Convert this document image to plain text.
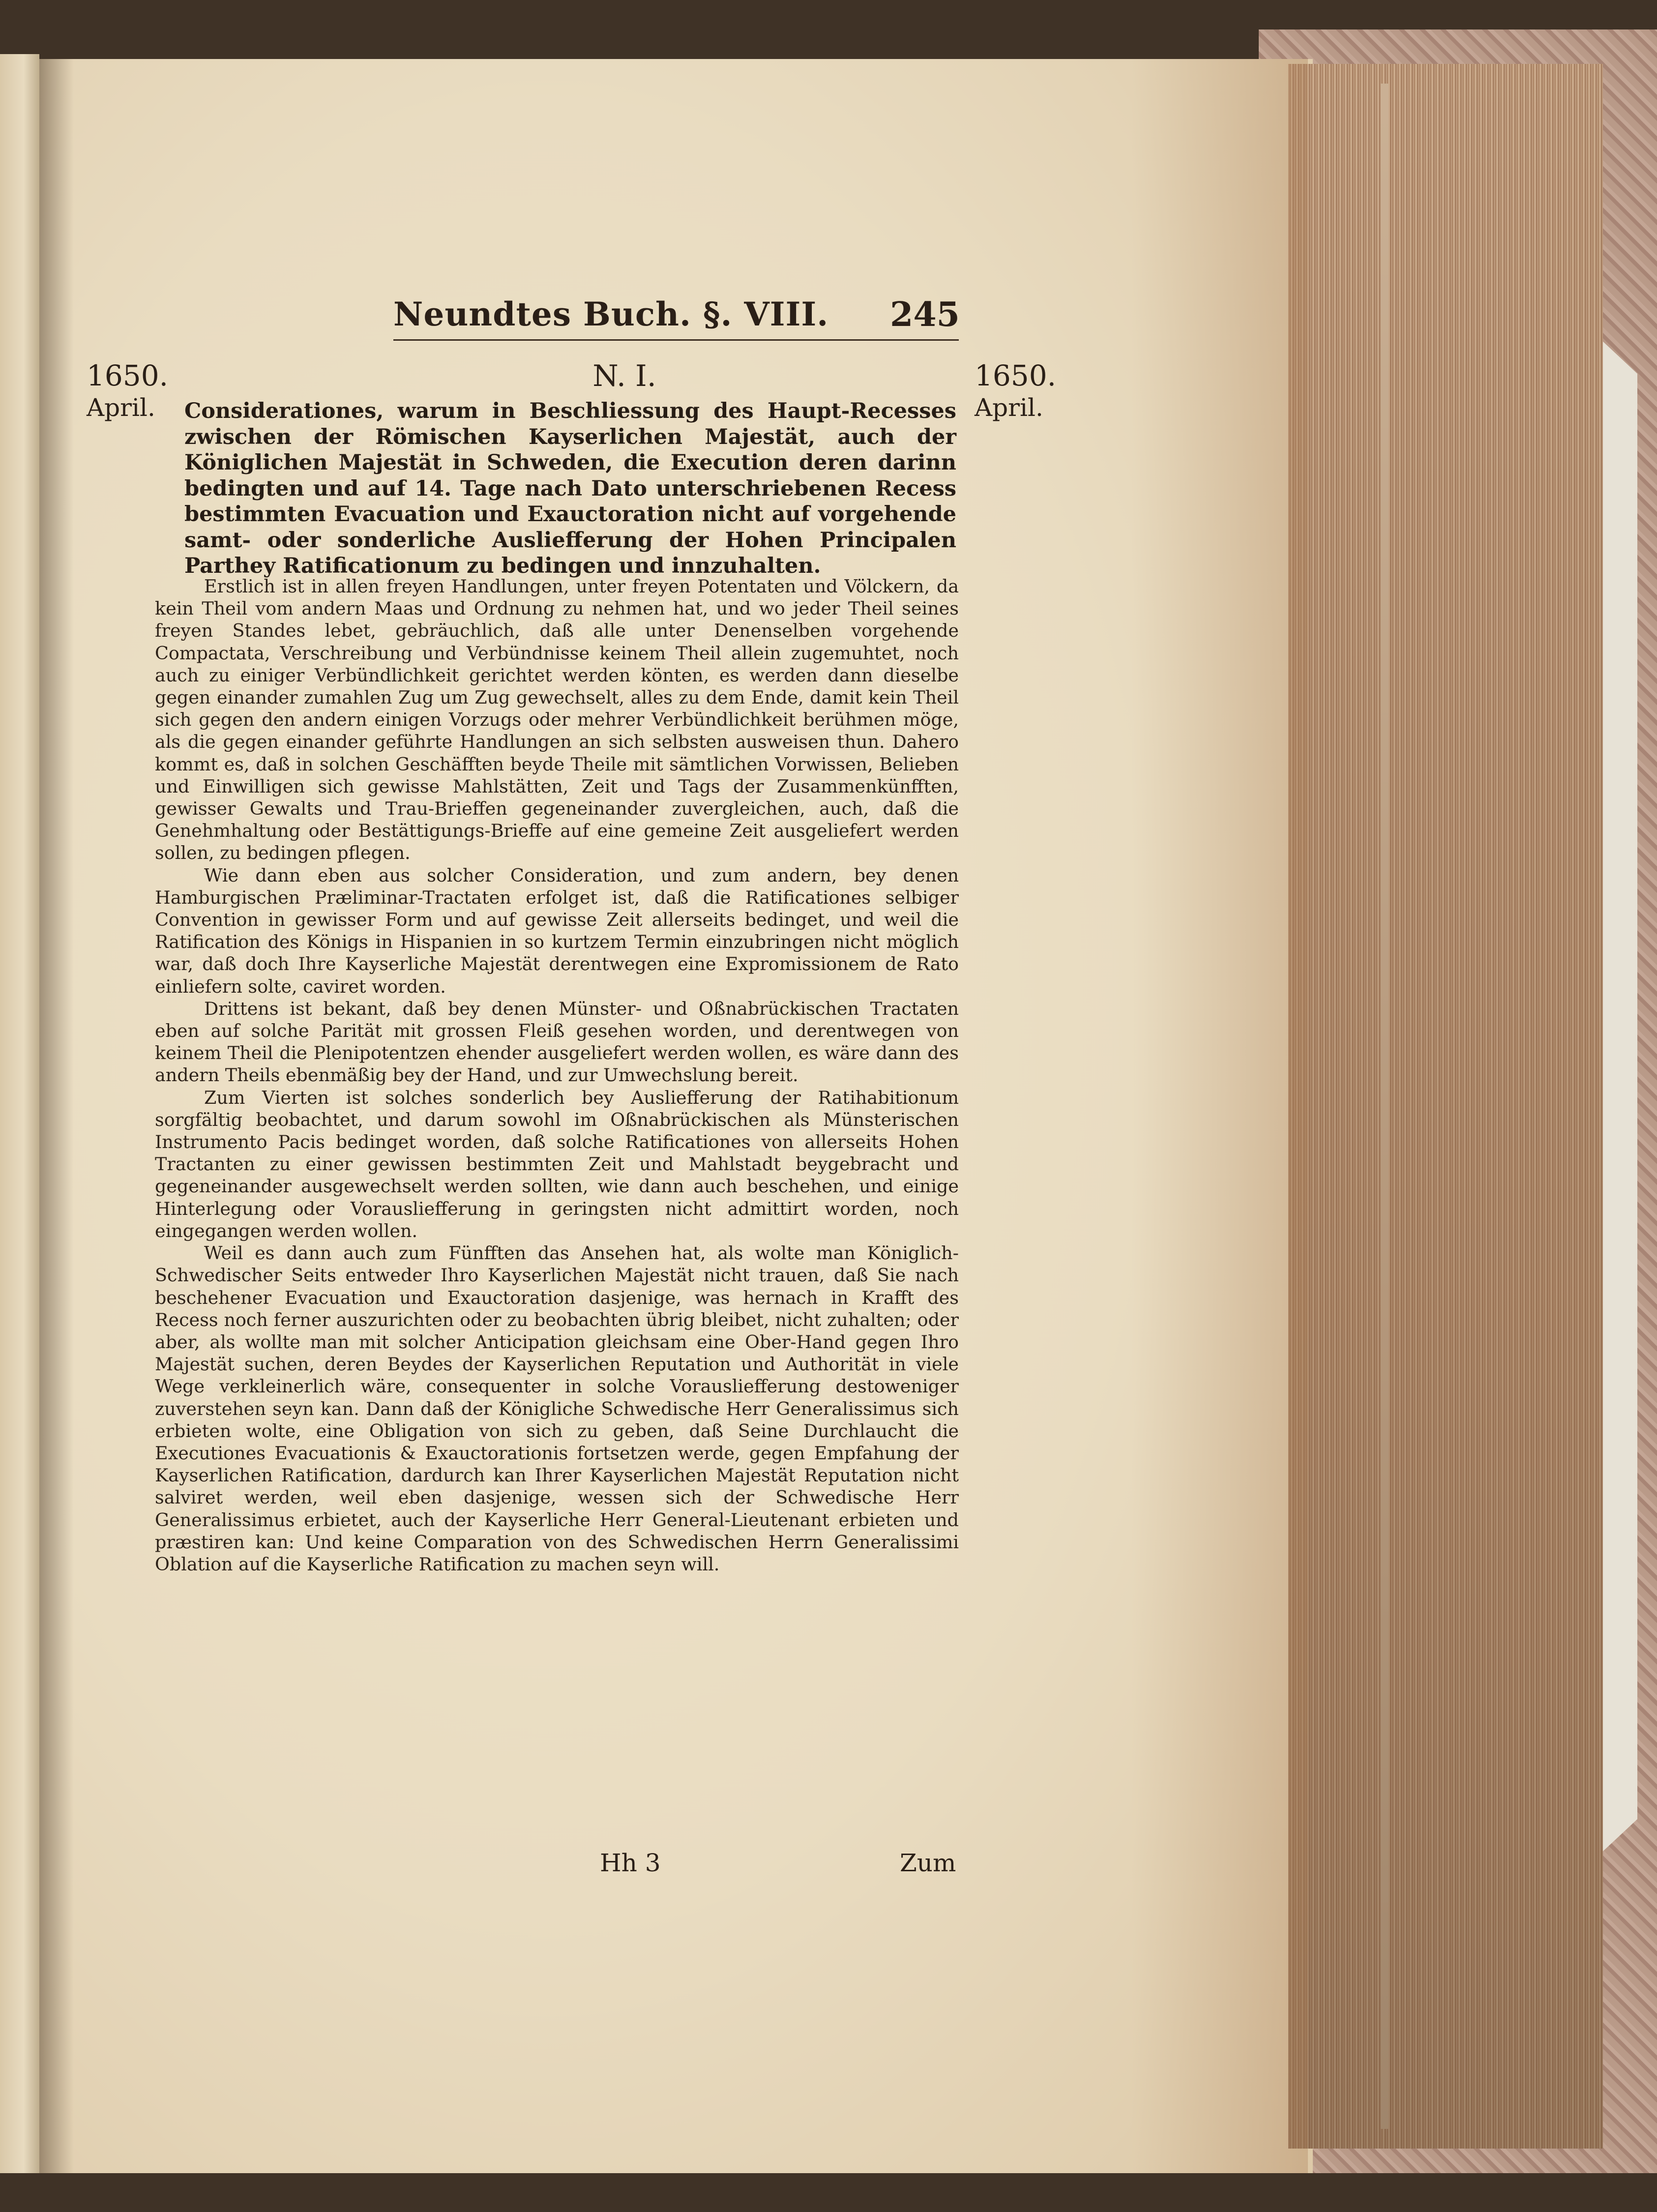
Neundtes Buch. §. VIII. 245
1650.
April.
1650.
April.
N. I.
Considerationes, warum in Beschliessung des Haupt-Recesses zwischen der Römischen Kayserlichen Majestät, auch der Königlichen Majestät in Schweden, die Execution deren darinn bedingten und auf 14. Tage nach Dato unterschriebenen Recess bestimmten Evacuation und Exauctoration nicht auf vorgehende samt- oder sonderliche Ausliefferung der Hohen Principalen Parthey Ratificationum zu bedingen und innzuhalten.

Erstlich ist in allen freyen Handlungen, unter freyen Potentaten und Völckern, da kein Theil vom andern Maas und Ordnung zu nehmen hat, und wo jeder Theil seines freyen Standes lebet, gebräuchlich, daß alle unter Denenselben vorgehende Compactata, Verschreibung und Verbündnisse keinem Theil allein zugemuhtet, noch auch zu einiger Verbündlichkeit gerichtet werden könten, es werden dann dieselbe gegen einander zumahlen Zug um Zug gewechselt, alles zu dem Ende, damit kein Theil sich gegen den andern einigen Vorzugs oder mehrer Verbündlichkeit berühmen möge, als die gegen einander geführte Handlungen an sich selbsten ausweisen thun. Dahero kommt es, daß in solchen Geschäfften beyde Theile mit sämtlichen Vorwissen, Belieben und Einwilligen sich gewisse Mahlstätten, Zeit und Tags der Zusammenkünfften, gewisser Gewalts und Trau-Brieffen gegeneinander zuvergleichen, auch, daß die Genehmhaltung oder Bestättigungs-Brieffe auf eine gemeine Zeit ausgeliefert werden sollen, zu bedingen pflegen.

Wie dann eben aus solcher Consideration, und zum andern, bey denen Hamburgischen Præliminar-Tractaten erfolget ist, daß die Ratificationes selbiger Convention in gewisser Form und auf gewisse Zeit allerseits bedinget, und weil die Ratification des Königs in Hispanien in so kurtzem Termin einzubringen nicht möglich war, daß doch Ihre Kayserliche Majestät derentwegen eine Expromissionem de Rato einliefern solte, caviret worden.

Drittens ist bekant, daß bey denen Münster- und Oßnabrückischen Tractaten eben auf solche Parität mit grossen Fleiß gesehen worden, und derentwegen von keinem Theil die Plenipotentzen ehender ausgeliefert werden wollen, es wäre dann des andern Theils ebenmäßig bey der Hand, und zur Umwechslung bereit.

Zum Vierten ist solches sonderlich bey Ausliefferung der Ratihabitionum sorgfältig beobachtet, und darum sowohl im Oßnabrückischen als Münsterischen Instrumento Pacis bedinget worden, daß solche Ratificationes von allerseits Hohen Tractanten zu einer gewissen bestimmten Zeit und Mahlstadt beygebracht und gegeneinander ausgewechselt werden sollten, wie dann auch beschehen, und einige Hinterlegung oder Vorausliefferung in geringsten nicht admittirt worden, noch eingegangen werden wollen.

Weil es dann auch zum Fünfften das Ansehen hat, als wolte man Königlich-Schwedischer Seits entweder Ihro Kayserlichen Majestät nicht trauen, daß Sie nach beschehener Evacuation und Exauctoration dasjenige, was hernach in Krafft des Recess noch ferner auszurichten oder zu beobachten übrig bleibet, nicht zuhalten; oder aber, als wollte man mit solcher Anticipation gleichsam eine Ober-Hand gegen Ihro Majestät suchen, deren Beydes der Kayserlichen Reputation und Authorität in viele Wege verkleinerlich wäre, consequenter in solche Vorausliefferung destoweniger zuverstehen seyn kan. Dann daß der Königliche Schwedische Herr Generalissimus sich erbieten wolte, eine Obligation von sich zu geben, daß Seine Durchlaucht die Executiones Evacuationis & Exauctorationis fortsetzen werde, gegen Empfahung der Kayserlichen Ratification, dardurch kan Ihrer Kayserlichen Majestät Reputation nicht salviret werden, weil eben dasjenige, wessen sich der Schwedische Herr Generalissimus erbietet, auch der Kayserliche Herr General-Lieutenant erbieten und præstiren kan: Und keine Comparation von des Schwedischen Herrn Generalissimi Oblation auf die Kayserliche Ratification zu machen seyn will.

Hh 3	Zum
